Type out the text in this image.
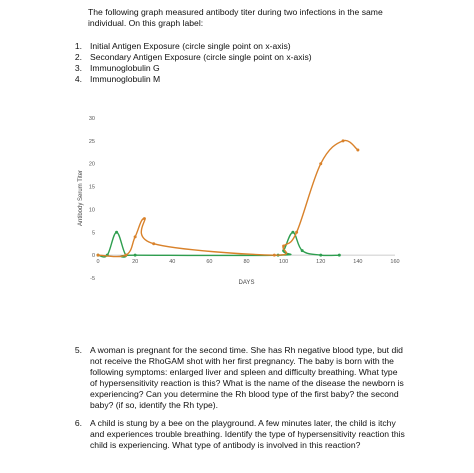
The following graph measured antibody titer during two infections in the same individual. On this graph label:
1. Initial Antigen Exposure (circle single point on x-axis)
2. Secondary Antigen Exposure (circle single point on x-axis)
3. Immunoglobulin G
4. Immunoglobulin M
Antibody Serum Titer
30
25
20
15
10
5
0
-5
0	20	40	60	80	100	120	140	160
DAYS
5. A woman is pregnant for the second time. She has Rh negative blood type, but did not receive the RhoGAM shot with her first pregnancy. The baby is born with the following symptoms: enlarged liver and spleen and difficulty breathing. What type of hypersensitivity reaction is this? What is the name of the disease the newborn is experiencing? Can you determine the Rh blood type of the first baby? the second baby? (if so, identify the Rh type).
6. A child is stung by a bee on the playground. A few minutes later, the child is itchy and experiences trouble breathing. Identify the type of hypersensitivity reaction this child is experiencing. What type of antibody is involved in this reaction?
